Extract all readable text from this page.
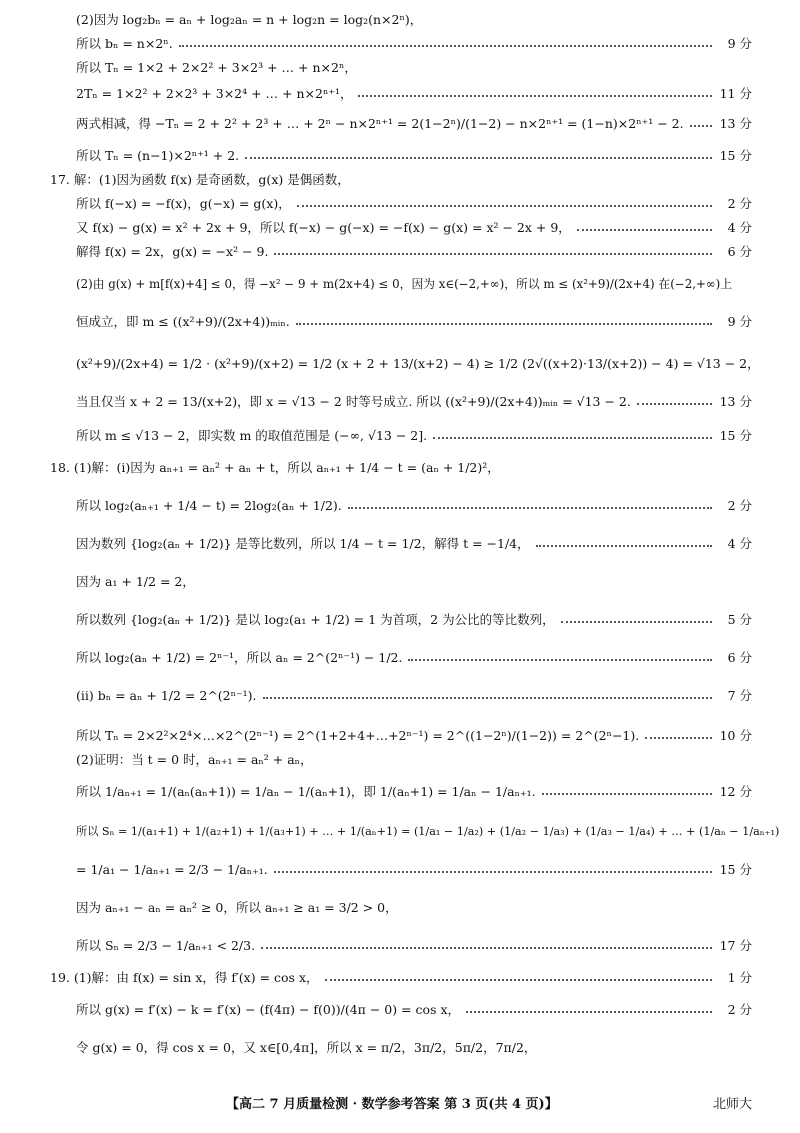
(2)因为 log₂bₙ = aₙ + log₂aₙ = n + log₂n = log₂(n×2ⁿ)，
所以 bₙ = n×2ⁿ.	9 分
所以 Tₙ = 1×2 + 2×2² + 3×2³ + … + n×2ⁿ，
2Tₙ = 1×2² + 2×2³ + 3×2⁴ + … + n×2ⁿ⁺¹，	11 分
两式相减，得 −Tₙ = 2 + 2² + 2³ + … + 2ⁿ − n×2ⁿ⁺¹ = 2(1−2ⁿ)/(1−2) − n×2ⁿ⁺¹ = (1−n)×2ⁿ⁺¹ − 2.	13 分
所以 Tₙ = (n−1)×2ⁿ⁺¹ + 2.	15 分
17. 解：(1)因为函数 f(x) 是奇函数，g(x) 是偶函数，
所以 f(−x) = −f(x)，g(−x) = g(x)，	2 分
又 f(x) − g(x) = x² + 2x + 9，所以 f(−x) − g(−x) = −f(x) − g(x) = x² − 2x + 9，	4 分
解得 f(x) = 2x，g(x) = −x² − 9.	6 分
(2)由 g(x) + m[f(x)+4] ≤ 0，得 −x² − 9 + m(2x+4) ≤ 0，因为 x∈(−2,+∞)，所以 m ≤ (x²+9)/(2x+4) 在(−2,+∞)上
恒成立，即 m ≤ ((x²+9)/(2x+4))ₘᵢₙ.	9 分
(x²+9)/(2x+4) = 1/2 · (x²+9)/(x+2) = 1/2 (x + 2 + 13/(x+2) − 4) ≥ 1/2 (2√((x+2)·13/(x+2)) − 4) = √13 − 2，
当且仅当 x + 2 = 13/(x+2)，即 x = √13 − 2 时等号成立. 所以 ((x²+9)/(2x+4))ₘᵢₙ = √13 − 2.	13 分
所以 m ≤ √13 − 2，即实数 m 的取值范围是 (−∞, √13 − 2].	15 分
18. (1)解：(ⅰ)因为 aₙ₊₁ = aₙ² + aₙ + t，所以 aₙ₊₁ + 1/4 − t = (aₙ + 1/2)²，
所以 log₂(aₙ₊₁ + 1/4 − t) = 2log₂(aₙ + 1/2).	2 分
因为数列 {log₂(aₙ + 1/2)} 是等比数列，所以 1/4 − t = 1/2，解得 t = −1/4，	4 分
因为 a₁ + 1/2 = 2，
所以数列 {log₂(aₙ + 1/2)} 是以 log₂(a₁ + 1/2) = 1 为首项，2 为公比的等比数列，	5 分
所以 log₂(aₙ + 1/2) = 2ⁿ⁻¹，所以 aₙ = 2^(2ⁿ⁻¹) − 1/2.	6 分
(ⅱ) bₙ = aₙ + 1/2 = 2^(2ⁿ⁻¹).	7 分
所以 Tₙ = 2×2²×2⁴×…×2^(2ⁿ⁻¹) = 2^(1+2+4+…+2ⁿ⁻¹) = 2^((1−2ⁿ)/(1−2)) = 2^(2ⁿ−1).	10 分
(2)证明：当 t = 0 时，aₙ₊₁ = aₙ² + aₙ，
所以 1/aₙ₊₁ = 1/(aₙ(aₙ+1)) = 1/aₙ − 1/(aₙ+1)，即 1/(aₙ+1) = 1/aₙ − 1/aₙ₊₁.	12 分
所以 Sₙ = 1/(a₁+1) + 1/(a₂+1) + 1/(a₃+1) + … + 1/(aₙ+1) = (1/a₁ − 1/a₂) + (1/a₂ − 1/a₃) + (1/a₃ − 1/a₄) + … + (1/aₙ − 1/aₙ₊₁)
= 1/a₁ − 1/aₙ₊₁ = 2/3 − 1/aₙ₊₁.	15 分
因为 aₙ₊₁ − aₙ = aₙ² ≥ 0，所以 aₙ₊₁ ≥ a₁ = 3/2 > 0，
所以 Sₙ = 2/3 − 1/aₙ₊₁ < 2/3.	17 分
19. (1)解：由 f(x) = sin x，得 f′(x) = cos x，	1 分
所以 g(x) = f′(x) − k = f′(x) − (f(4π) − f(0))/(4π − 0) = cos x，	2 分
令 g(x) = 0，得 cos x = 0，又 x∈[0,4π]，所以 x = π/2，3π/2，5π/2，7π/2，
【高二 7 月质量检测 · 数学参考答案 第 3 页(共 4 页)】	北师大
